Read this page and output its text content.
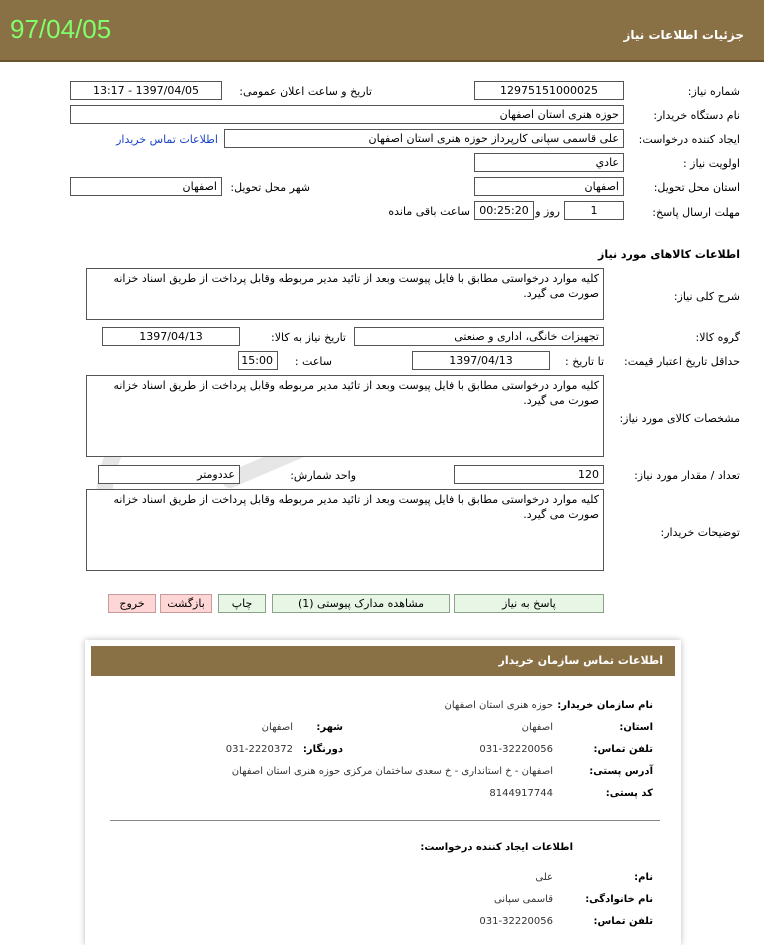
جزئیات اطلاعات نیاز
97/04/05
شماره نیاز:
12975151000025
تاریخ و ساعت اعلان عمومی:
1397/04/05 - 13:17
نام دستگاه خریدار:
حوزه هنری استان اصفهان
ایجاد کننده درخواست:
علی قاسمی سپانی کارپرداز حوزه هنری استان اصفهان
اطلاعات تماس خریدار
اولویت نیاز :
عادي
استان محل تحویل:
اصفهان
شهر محل تحویل:
اصفهان
مهلت ارسال پاسخ:
1
روز و
00:25:20
ساعت باقی مانده
اطلاعات کالاهای مورد نیاز
شرح کلی نیاز:
کلیه موارد درخواستی مطابق با فایل پیوست وبعد از تائید مدیر مربوطه وقابل پرداخت از طریق اسناد خزانه صورت می گیرد.
گروه کالا:
تجهیزات خانگی، اداری و صنعتی
تاریخ نیاز به کالا:
1397/04/13
حداقل تاریخ اعتبار قیمت:
تا تاریخ :
1397/04/13
ساعت :
15:00
مشخصات کالای مورد نیاز:
کلیه موارد درخواستی مطابق با فایل پیوست وبعد از تائید مدیر مربوطه وقابل پرداخت از طریق اسناد خزانه صورت می گیرد.
تعداد / مقدار مورد نیاز:
120
واحد شمارش:
عددومتر
توضیحات خریدار:
کلیه موارد درخواستی مطابق با فایل پیوست وبعد از تائید مدیر مربوطه وقابل پرداخت از طریق اسناد خزانه صورت می گیرد.
پاسخ به نیاز
مشاهده مدارک پیوستی (1)
چاپ
بازگشت
خروج
اطلاعات تماس سازمان خریدار
نام سازمان خریدار:
حوزه هنری استان اصفهان
استان:
اصفهان
شهر:
اصفهان
تلفن تماس:
031-32220056
دورنگار:
031-2220372
آدرس پستی:
اصفهان - خ استانداری - خ سعدی ساختمان مرکزی حوزه هنری استان اصفهان
کد پستی:
8144917744
اطلاعات ایجاد کننده درخواست:
نام:
علی
نام خانوادگی:
قاسمی سپانی
تلفن تماس:
031-32220056
